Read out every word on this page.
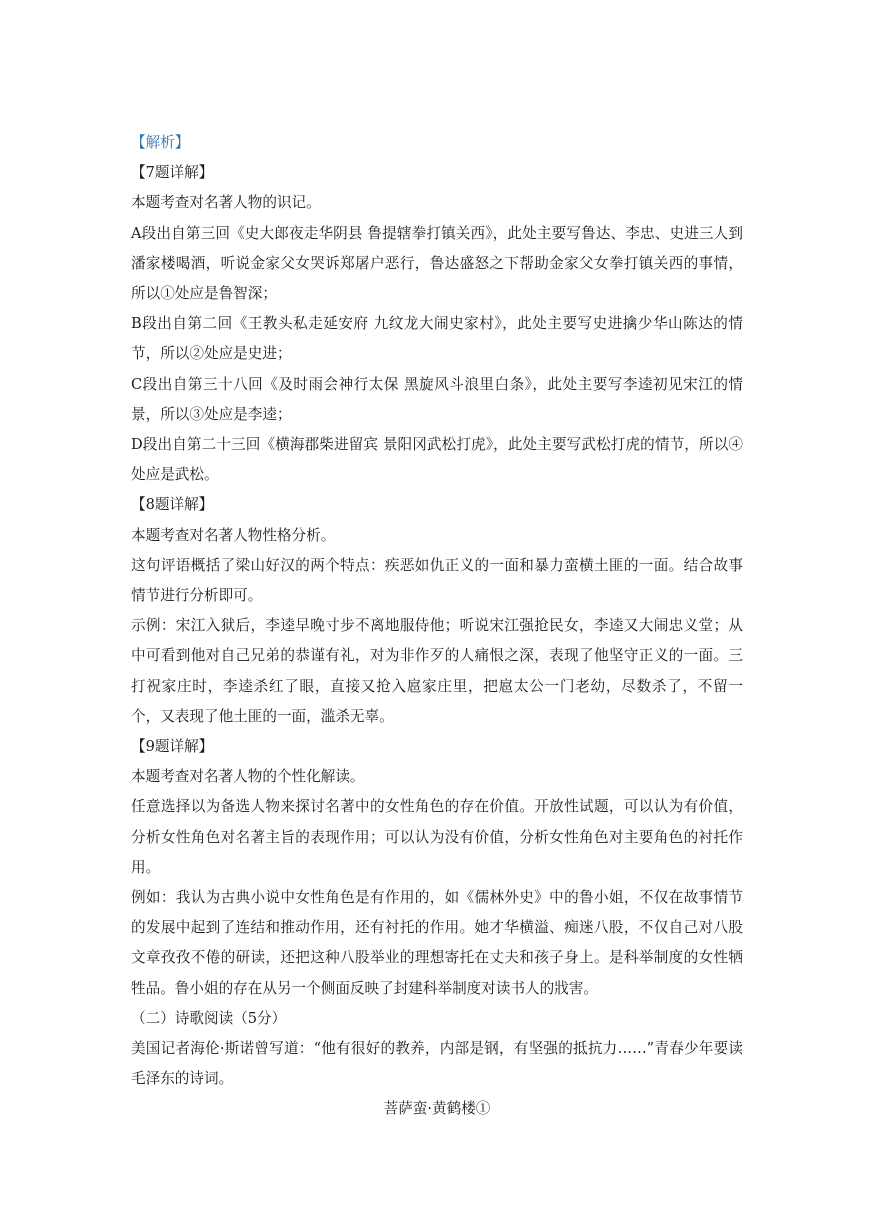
【解析】
【7题详解】
本题考查对名著人物的识记。

A段出自第三回《史大郎夜走华阴县 鲁提辖拳打镇关西》，此处主要写鲁达、李忠、史进三人到潘家楼喝酒，听说金家父女哭诉郑屠户恶行，鲁达盛怒之下帮助金家父女拳打镇关西的事情，所以①处应是鲁智深；

B段出自第二回《王教头私走延安府 九纹龙大闹史家村》，此处主要写史进擒少华山陈达的情节，所以②处应是史进；

C段出自第三十八回《及时雨会神行太保 黑旋风斗浪里白条》，此处主要写李逵初见宋江的情景，所以③处应是李逵；

D段出自第二十三回《横海郡柴进留宾 景阳冈武松打虎》，此处主要写武松打虎的情节，所以④处应是武松。

【8题详解】
本题考查对名著人物性格分析。

这句评语概括了梁山好汉的两个特点：疾恶如仇正义的一面和暴力蛮横土匪的一面。结合故事情节进行分析即可。

示例：宋江入狱后，李逵早晚寸步不离地服侍他；听说宋江强抢民女，李逵又大闹忠义堂；从中可看到他对自己兄弟的恭谨有礼，对为非作歹的人痛恨之深，表现了他坚守正义的一面。三打祝家庄时，李逵杀红了眼，直接又抢入扈家庄里，把扈太公一门老幼，尽数杀了，不留一个，又表现了他土匪的一面，滥杀无辜。

【9题详解】
本题考查对名著人物的个性化解读。

任意选择以为备选人物来探讨名著中的女性角色的存在价值。开放性试题，可以认为有价值，分析女性角色对名著主旨的表现作用；可以认为没有价值，分析女性角色对主要角色的衬托作用。

例如：我认为古典小说中女性角色是有作用的，如《儒林外史》中的鲁小姐，不仅在故事情节的发展中起到了连结和推动作用，还有衬托的作用。她才华横溢、痴迷八股，不仅自己对八股文章孜孜不倦的研读，还把这种八股举业的理想寄托在丈夫和孩子身上。是科举制度的女性牺牲品。鲁小姐的存在从另一个侧面反映了封建科举制度对读书人的戕害。

（二）诗歌阅读（5分）

美国记者海伦·斯诺曾写道：“他有很好的教养，内部是钢，有坚强的抵抗力……”青春少年要读毛泽东的诗词。

菩萨蛮·黄鹤楼①
